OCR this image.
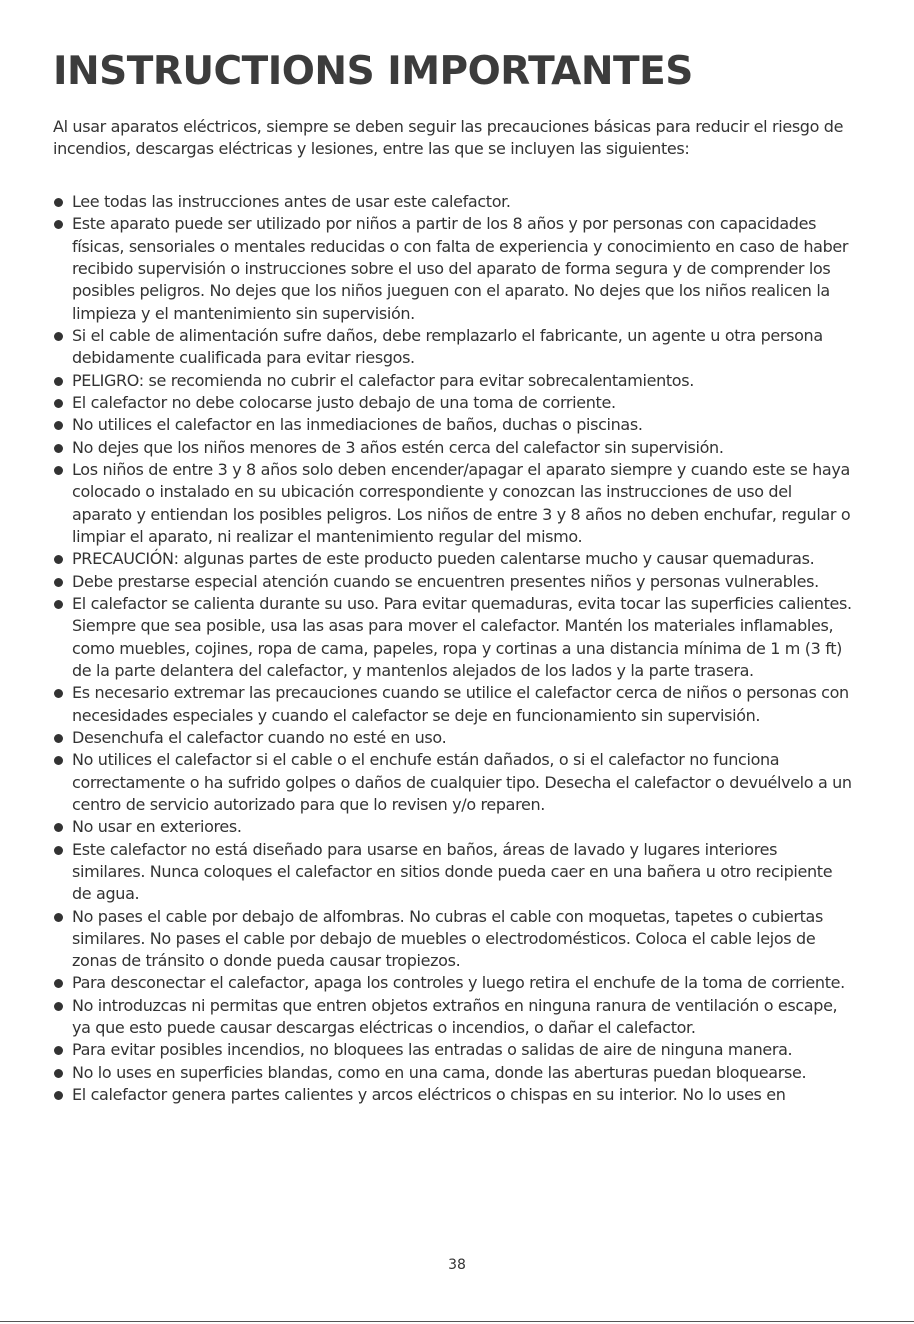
INSTRUCTIONS IMPORTANTES

Al usar aparatos eléctricos, siempre se deben seguir las precauciones básicas para reducir el riesgo de incendios, descargas eléctricas y lesiones, entre las que se incluyen las siguientes:

Lee todas las instrucciones antes de usar este calefactor.
Este aparato puede ser utilizado por niños a partir de los 8 años y por personas con capacidades físicas, sensoriales o mentales reducidas o con falta de experiencia y conocimiento en caso de haber recibido supervisión o instrucciones sobre el uso del aparato de forma segura y de comprender los posibles peligros. No dejes que los niños jueguen con el aparato. No dejes que los niños realicen la limpieza y el mantenimiento sin supervisión.
Si el cable de alimentación sufre daños, debe remplazarlo el fabricante, un agente u otra persona debidamente cualificada para evitar riesgos.
PELIGRO: se recomienda no cubrir el calefactor para evitar sobrecalentamientos.
El calefactor no debe colocarse justo debajo de una toma de corriente.
No utilices el calefactor en las inmediaciones de baños, duchas o piscinas.
No dejes que los niños menores de 3 años estén cerca del calefactor sin supervisión.
Los niños de entre 3 y 8 años solo deben encender/apagar el aparato siempre y cuando este se haya colocado o instalado en su ubicación correspondiente y conozcan las instrucciones de uso del aparato y entiendan los posibles peligros. Los niños de entre 3 y 8 años no deben enchufar, regular o limpiar el aparato, ni realizar el mantenimiento regular del mismo.
PRECAUCIÓN: algunas partes de este producto pueden calentarse mucho y causar quemaduras.
Debe prestarse especial atención cuando se encuentren presentes niños y personas vulnerables.
El calefactor se calienta durante su uso. Para evitar quemaduras, evita tocar las superficies calientes. Siempre que sea posible, usa las asas para mover el calefactor. Mantén los materiales inflamables, como muebles, cojines, ropa de cama, papeles, ropa y cortinas a una distancia mínima de 1 m (3 ft) de la parte delantera del calefactor, y mantenlos alejados de los lados y la parte trasera.
Es necesario extremar las precauciones cuando se utilice el calefactor cerca de niños o personas con necesidades especiales y cuando el calefactor se deje en funcionamiento sin supervisión.
Desenchufa el calefactor cuando no esté en uso.
No utilices el calefactor si el cable o el enchufe están dañados, o si el calefactor no funciona correctamente o ha sufrido golpes o daños de cualquier tipo. Desecha el calefactor o devuélvelo a un centro de servicio autorizado para que lo revisen y/o reparen.
No usar en exteriores.
Este calefactor no está diseñado para usarse en baños, áreas de lavado y lugares interiores similares. Nunca coloques el calefactor en sitios donde pueda caer en una bañera u otro recipiente de agua.
No pases el cable por debajo de alfombras. No cubras el cable con moquetas, tapetes o cubiertas similares. No pases el cable por debajo de muebles o electrodomésticos. Coloca el cable lejos de zonas de tránsito o donde pueda causar tropiezos.
Para desconectar el calefactor, apaga los controles y luego retira el enchufe de la toma de corriente.
No introduzcas ni permitas que entren objetos extraños en ninguna ranura de ventilación o escape, ya que esto puede causar descargas eléctricas o incendios, o dañar el calefactor.
Para evitar posibles incendios, no bloquees las entradas o salidas de aire de ninguna manera.
No lo uses en superficies blandas, como en una cama, donde las aberturas puedan bloquearse.
El calefactor genera partes calientes y arcos eléctricos o chispas en su interior. No lo uses en
38
